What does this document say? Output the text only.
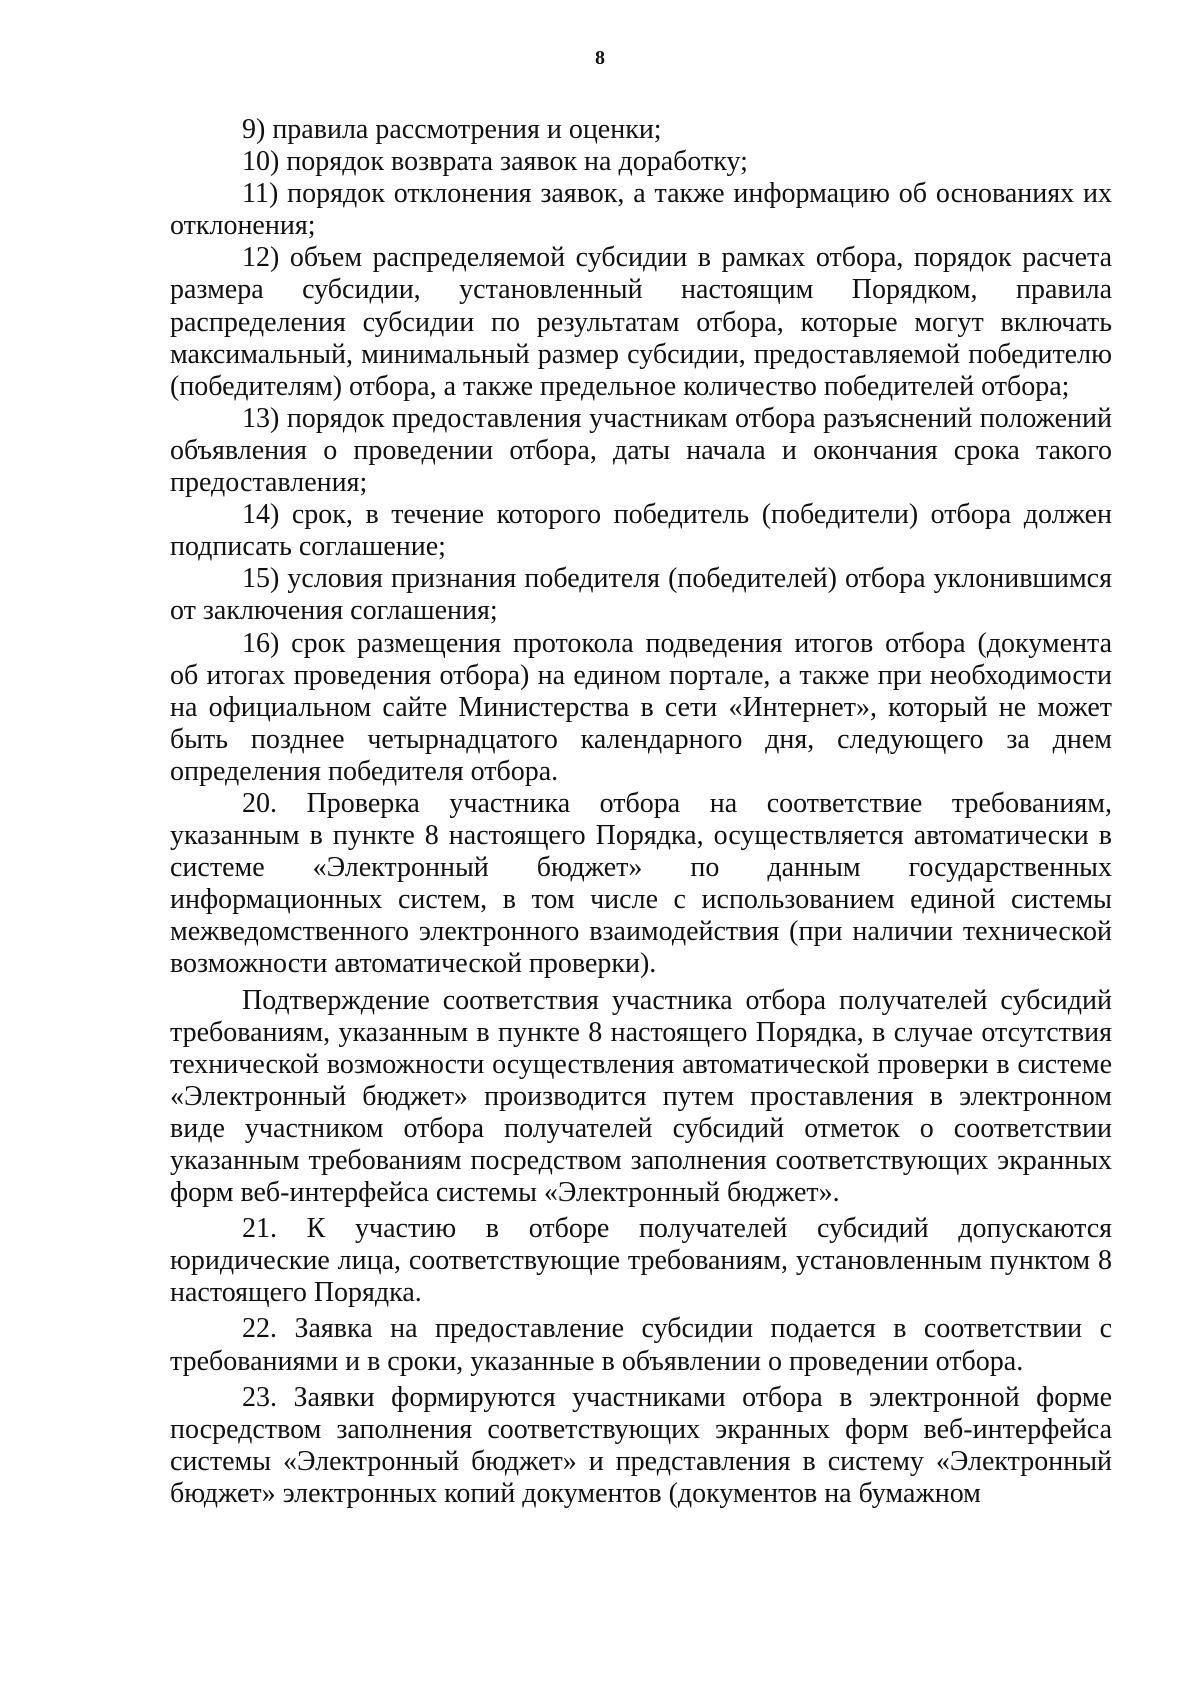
8

9) правила рассмотрения и оценки;

10) порядок возврата заявок на доработку;

11) порядок отклонения заявок, а также информацию об основаниях их отклонения;

12) объем распределяемой субсидии в рамках отбора, порядок расчета размера субсидии, установленный настоящим Порядком, правила распределения субсидии по результатам отбора, которые могут включать максимальный, минимальный размер субсидии, предоставляемой победителю (победителям) отбора, а также предельное количество победителей отбора;

13) порядок предоставления участникам отбора разъяснений положений объявления о проведении отбора, даты начала и окончания срока такого предоставления;

14) срок, в течение которого победитель (победители) отбора должен подписать соглашение;

15) условия признания победителя (победителей) отбора уклонившимся от заключения соглашения;

16) срок размещения протокола подведения итогов отбора (документа об итогах проведения отбора) на едином портале, а также при необходимости на официальном сайте Министерства в сети «Интернет», который не может быть позднее четырнадцатого календарного дня, следующего за днем определения победителя отбора.

20. Проверка участника отбора на соответствие требованиям, указанным в пункте 8 настоящего Порядка, осуществляется автоматически в системе «Электронный бюджет» по данным государственных информационных систем, в том числе с использованием единой системы межведомственного электронного взаимодействия (при наличии технической возможности автоматической проверки).

Подтверждение соответствия участника отбора получателей субсидий требованиям, указанным в пункте 8 настоящего Порядка, в случае отсутствия технической возможности осуществления автоматической проверки в системе «Электронный бюджет» производится путем проставления в электронном виде участником отбора получателей субсидий отметок о соответствии указанным требованиям посредством заполнения соответствующих экранных форм веб-интерфейса системы «Электронный бюджет».

21. К участию в отборе получателей субсидий допускаются юридические лица, соответствующие требованиям, установленным пунктом 8 настоящего Порядка.

22. Заявка на предоставление субсидии подается в соответствии с требованиями и в сроки, указанные в объявлении о проведении отбора.

23. Заявки формируются участниками отбора в электронной форме посредством заполнения соответствующих экранных форм веб-интерфейса системы «Электронный бюджет» и представления в систему «Электронный бюджет» электронных копий документов (документов на бумажном
